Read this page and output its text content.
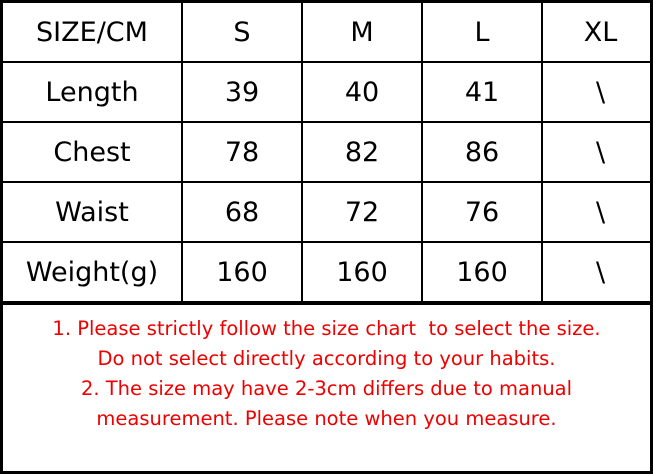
SIZE/CM	S	M	L	XL
Length	39	40	41	\
Chest	78	82	86	\
Waist	68	72	76	\
Weight(g)	160	160	160	\
1. Please strictly follow the size chart  to select the size.
Do not select directly according to your habits.
2. The size may have 2-3cm differs due to manual
measurement. Please note when you measure.
